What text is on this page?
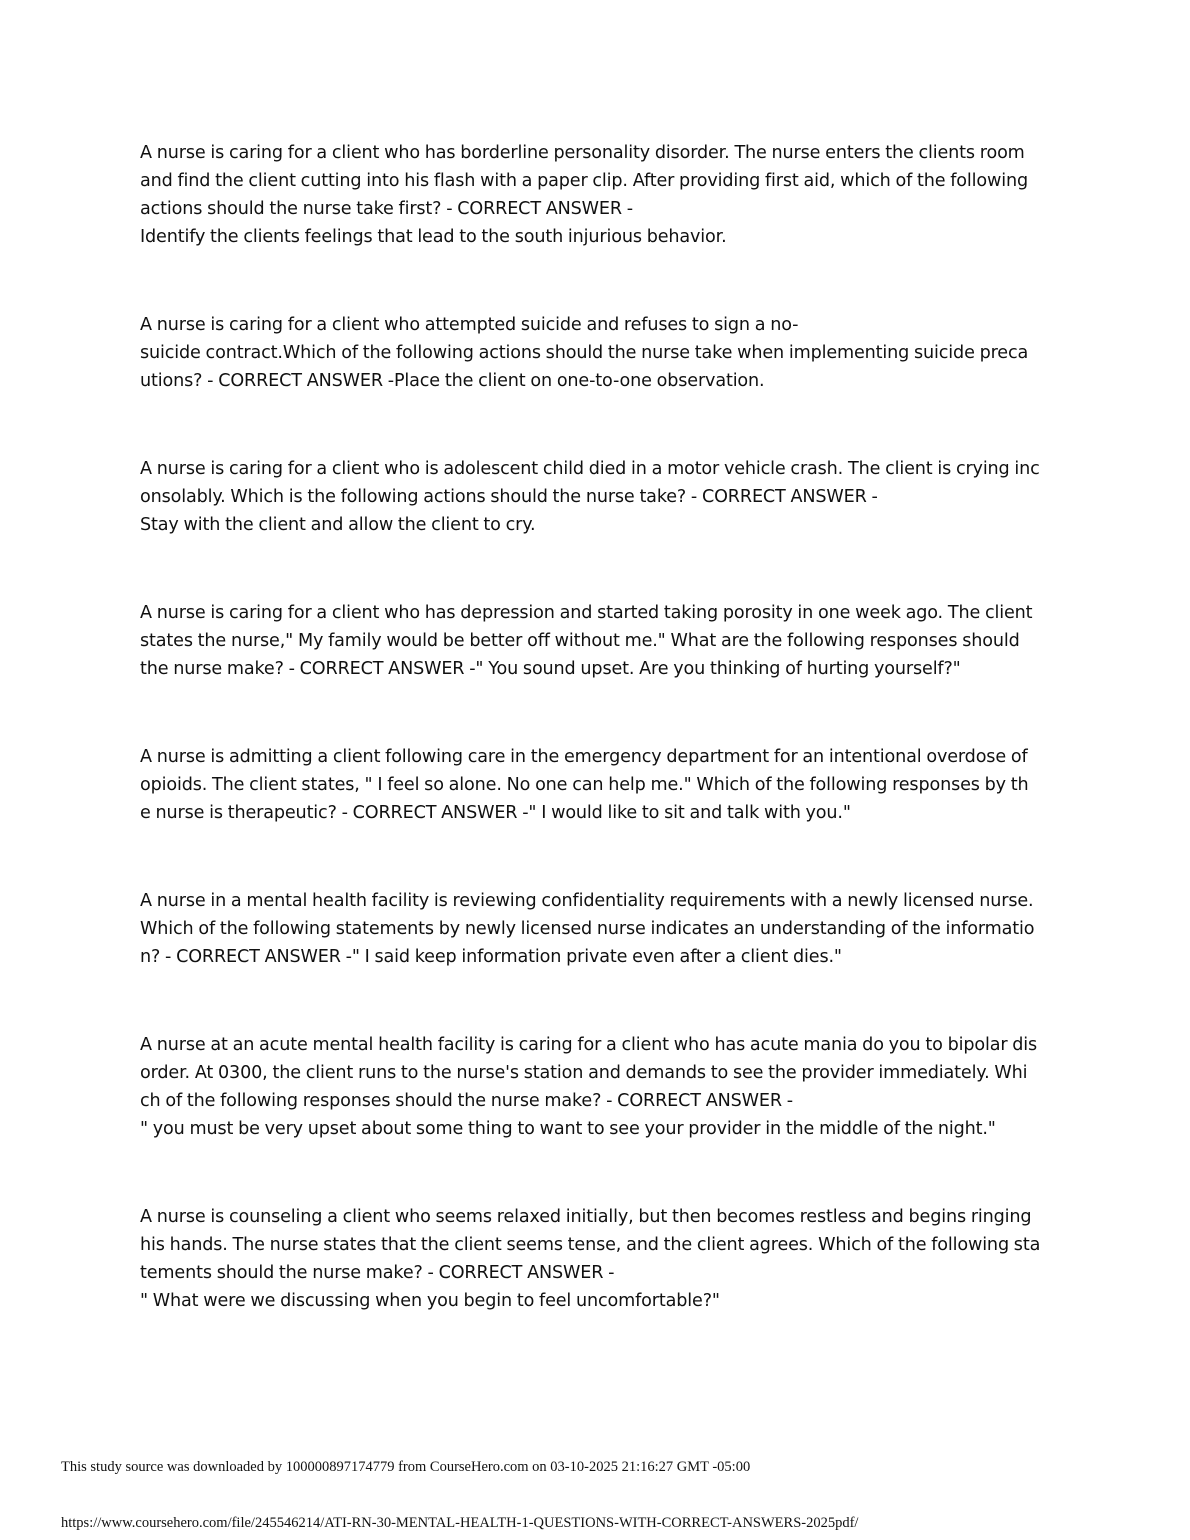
A nurse is caring for a client who has borderline personality disorder. The nurse enters the clients room
and find the client cutting into his flash with a paper clip. After providing first aid, which of the following
actions should the nurse take first? - CORRECT ANSWER -
Identify the clients feelings that lead to the south injurious behavior.
A nurse is caring for a client who attempted suicide and refuses to sign a no-
suicide contract.Which of the following actions should the nurse take when implementing suicide preca
utions? - CORRECT ANSWER -Place the client on one-to-one observation.
A nurse is caring for a client who is adolescent child died in a motor vehicle crash. The client is crying inc
onsolably. Which is the following actions should the nurse take? - CORRECT ANSWER -
Stay with the client and allow the client to cry.
A nurse is caring for a client who has depression and started taking porosity in one week ago. The client
states the nurse," My family would be better off without me." What are the following responses should
the nurse make? - CORRECT ANSWER -" You sound upset. Are you thinking of hurting yourself?"
A nurse is admitting a client following care in the emergency department for an intentional overdose of
opioids. The client states, " I feel so alone. No one can help me." Which of the following responses by th
e nurse is therapeutic? - CORRECT ANSWER -" I would like to sit and talk with you."
A nurse in a mental health facility is reviewing confidentiality requirements with a newly licensed nurse.
Which of the following statements by newly licensed nurse indicates an understanding of the informatio
n? - CORRECT ANSWER -" I said keep information private even after a client dies."
A nurse at an acute mental health facility is caring for a client who has acute mania do you to bipolar dis
order. At 0300, the client runs to the nurse's station and demands to see the provider immediately. Whi
ch of the following responses should the nurse make? - CORRECT ANSWER -
" you must be very upset about some thing to want to see your provider in the middle of the night."
A nurse is counseling a client who seems relaxed initially, but then becomes restless and begins ringing
his hands. The nurse states that the client seems tense, and the client agrees. Which of the following sta
tements should the nurse make? - CORRECT ANSWER -
" What were we discussing when you begin to feel uncomfortable?"
This study source was downloaded by 100000897174779 from CourseHero.com on 03-10-2025 21:16:27 GMT -05:00
https://www.coursehero.com/file/245546214/ATI-RN-30-MENTAL-HEALTH-1-QUESTIONS-WITH-CORRECT-ANSWERS-2025pdf/
